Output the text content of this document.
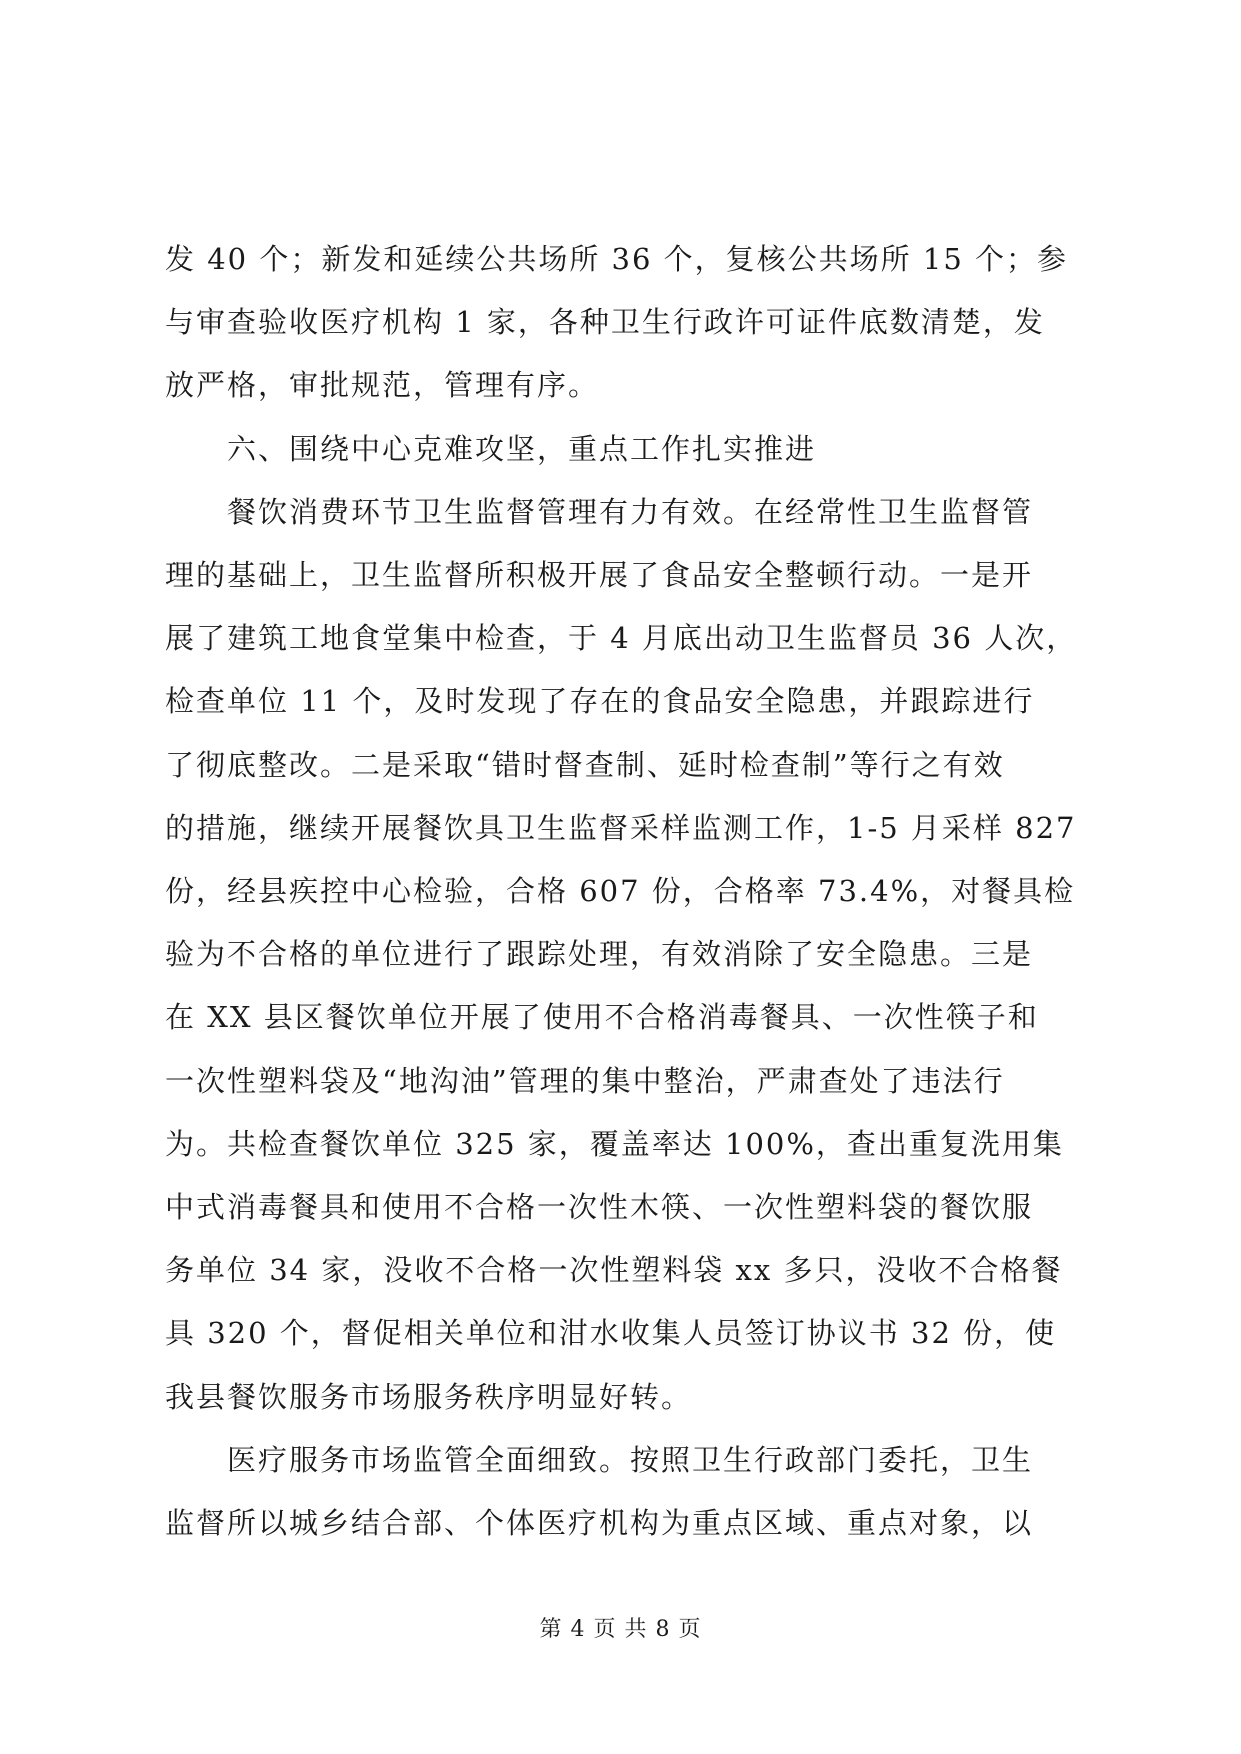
发 40 个；新发和延续公共场所 36 个，复核公共场所 15 个；参
与审查验收医疗机构 1 家，各种卫生行政许可证件底数清楚，发
放严格，审批规范，管理有序。
六、围绕中心克难攻坚，重点工作扎实推进
餐饮消费环节卫生监督管理有力有效。在经常性卫生监督管
理的基础上，卫生监督所积极开展了食品安全整顿行动。一是开
展了建筑工地食堂集中检查，于 4 月底出动卫生监督员 36 人次，
检查单位 11 个，及时发现了存在的食品安全隐患，并跟踪进行
了彻底整改。二是采取“错时督查制、延时检查制”等行之有效
的措施，继续开展餐饮具卫生监督采样监测工作，1-5 月采样 827
份，经县疾控中心检验，合格 607 份，合格率 73.4%，对餐具检
验为不合格的单位进行了跟踪处理，有效消除了安全隐患。三是
在 XX 县区餐饮单位开展了使用不合格消毒餐具、一次性筷子和
一次性塑料袋及“地沟油”管理的集中整治，严肃查处了违法行
为。共检查餐饮单位 325 家，覆盖率达 100%，查出重复洗用集
中式消毒餐具和使用不合格一次性木筷、一次性塑料袋的餐饮服
务单位 34 家，没收不合格一次性塑料袋 xx 多只，没收不合格餐
具 320 个，督促相关单位和泔水收集人员签订协议书 32 份，使
我县餐饮服务市场服务秩序明显好转。
医疗服务市场监管全面细致。按照卫生行政部门委托，卫生
监督所以城乡结合部、个体医疗机构为重点区域、重点对象，以
第 4 页 共 8 页
